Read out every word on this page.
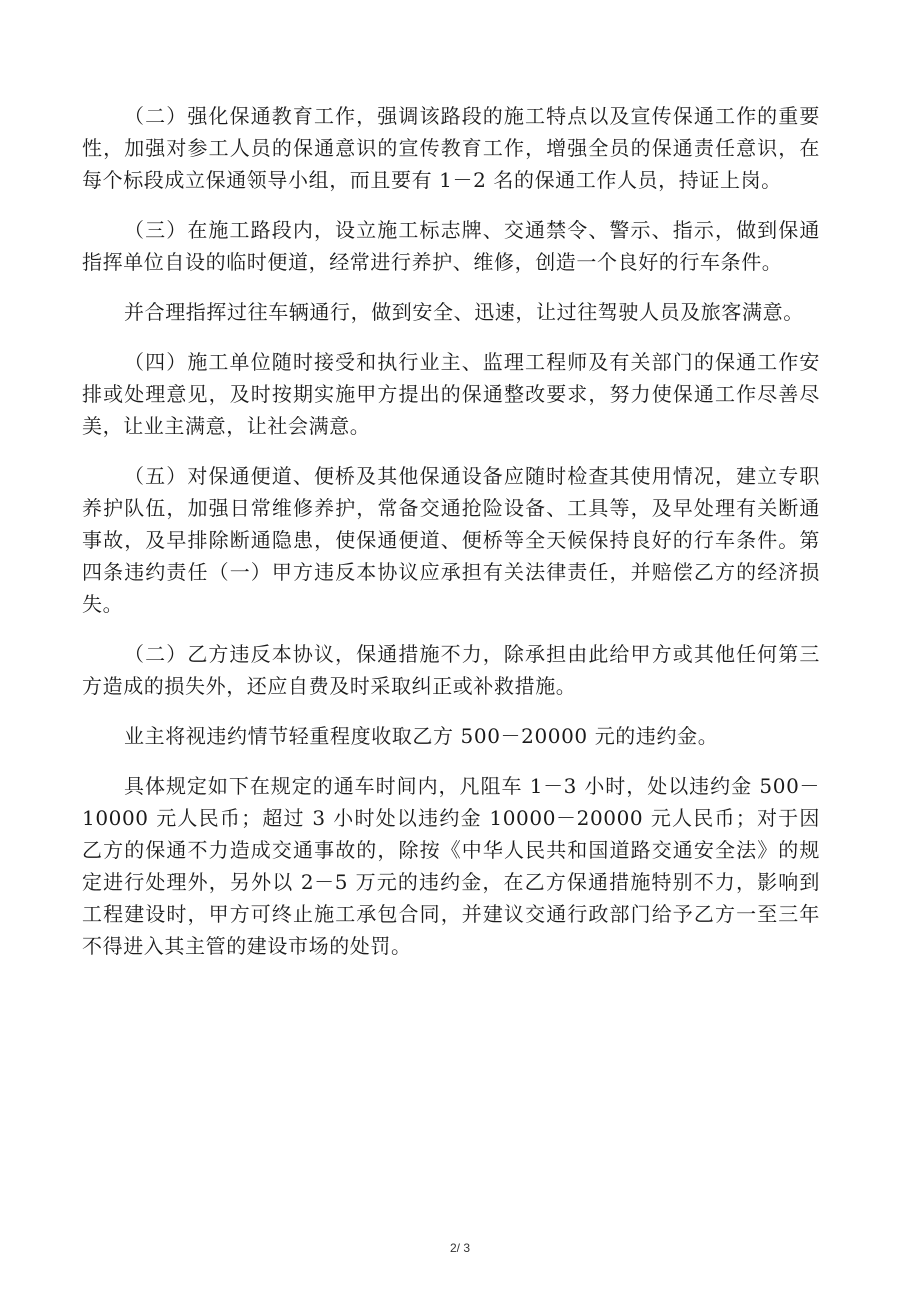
（二）强化保通教育工作，强调该路段的施工特点以及宣传保通工作的重要性，加强对参工人员的保通意识的宣传教育工作，增强全员的保通责任意识，在每个标段成立保通领导小组，而且要有 1－2 名的保通工作人员，持证上岗。

（三）在施工路段内，设立施工标志牌、交通禁令、警示、指示，做到保通指挥单位自设的临时便道，经常进行养护、维修，创造一个良好的行车条件。

并合理指挥过往车辆通行，做到安全、迅速，让过往驾驶人员及旅客满意。

（四）施工单位随时接受和执行业主、监理工程师及有关部门的保通工作安排或处理意见，及时按期实施甲方提出的保通整改要求，努力使保通工作尽善尽美，让业主满意，让社会满意。

（五）对保通便道、便桥及其他保通设备应随时检查其使用情况，建立专职养护队伍，加强日常维修养护，常备交通抢险设备、工具等，及早处理有关断通事故，及早排除断通隐患，使保通便道、便桥等全天候保持良好的行车条件。第四条违约责任（一）甲方违反本协议应承担有关法律责任，并赔偿乙方的经济损失。

（二）乙方违反本协议，保通措施不力，除承担由此给甲方或其他任何第三方造成的损失外，还应自费及时采取纠正或补救措施。

业主将视违约情节轻重程度收取乙方 500－20000 元的违约金。

具体规定如下在规定的通车时间内，凡阻车 1－3 小时，处以违约金 500－10000 元人民币；超过 3 小时处以违约金 10000－20000 元人民币；对于因乙方的保通不力造成交通事故的，除按《中华人民共和国道路交通安全法》的规定进行处理外，另外以 2－5 万元的违约金，在乙方保通措施特别不力，影响到工程建设时，甲方可终止施工承包合同，并建议交通行政部门给予乙方一至三年不得进入其主管的建设市场的处罚。

2/ 3
